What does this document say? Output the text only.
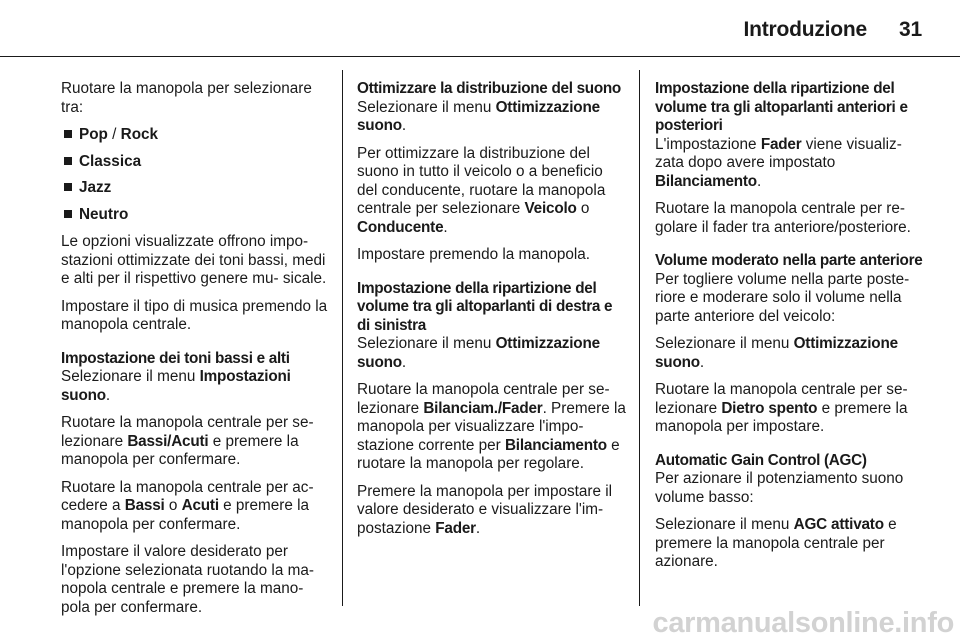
Introduzione 31

Ruotare la manopola per selezionare tra:

Pop / Rock
Classica
Jazz
Neutro

Le opzioni visualizzate offrono impo- stazioni ottimizzate dei toni bassi, medi e alti per il rispettivo genere mu- sicale.

Impostare il tipo di musica premendo la manopola centrale.

Impostazione dei toni bassi e alti

Selezionare il menu Impostazioni suono.

Ruotare la manopola centrale per se- lezionare Bassi/Acuti e premere la manopola per confermare.

Ruotare la manopola centrale per ac- cedere a Bassi o Acuti e premere la manopola per confermare.

Impostare il valore desiderato per l'opzione selezionata ruotando la ma- nopola centrale e premere la mano- pola per confermare.

Ottimizzare la distribuzione del suono

Selezionare il menu Ottimizzazione suono.

Per ottimizzare la distribuzione del suono in tutto il veicolo o a beneficio del conducente, ruotare la manopola centrale per selezionare Veicolo o Conducente.

Impostare premendo la manopola.

Impostazione della ripartizione del volume tra gli altoparlanti di destra e di sinistra

Selezionare il menu Ottimizzazione suono.

Ruotare la manopola centrale per se- lezionare Bilanciam./Fader. Premere la manopola per visualizzare l'impo- stazione corrente per Bilanciamento e ruotare la manopola per regolare.

Premere la manopola per impostare il valore desiderato e visualizzare l'im- postazione Fader.

Impostazione della ripartizione del volume tra gli altoparlanti anteriori e posteriori

L'impostazione Fader viene visualiz- zata dopo avere impostato Bilanciamento.

Ruotare la manopola centrale per re- golare il fader tra anteriore/posteriore.

Volume moderato nella parte anteriore

Per togliere volume nella parte poste- riore e moderare solo il volume nella parte anteriore del veicolo:

Selezionare il menu Ottimizzazione suono.

Ruotare la manopola centrale per se- lezionare Dietro spento e premere la manopola per impostare.

Automatic Gain Control (AGC)

Per azionare il potenziamento suono volume basso:

Selezionare il menu AGC attivato e premere la manopola centrale per azionare.

carmanualsonline.info
